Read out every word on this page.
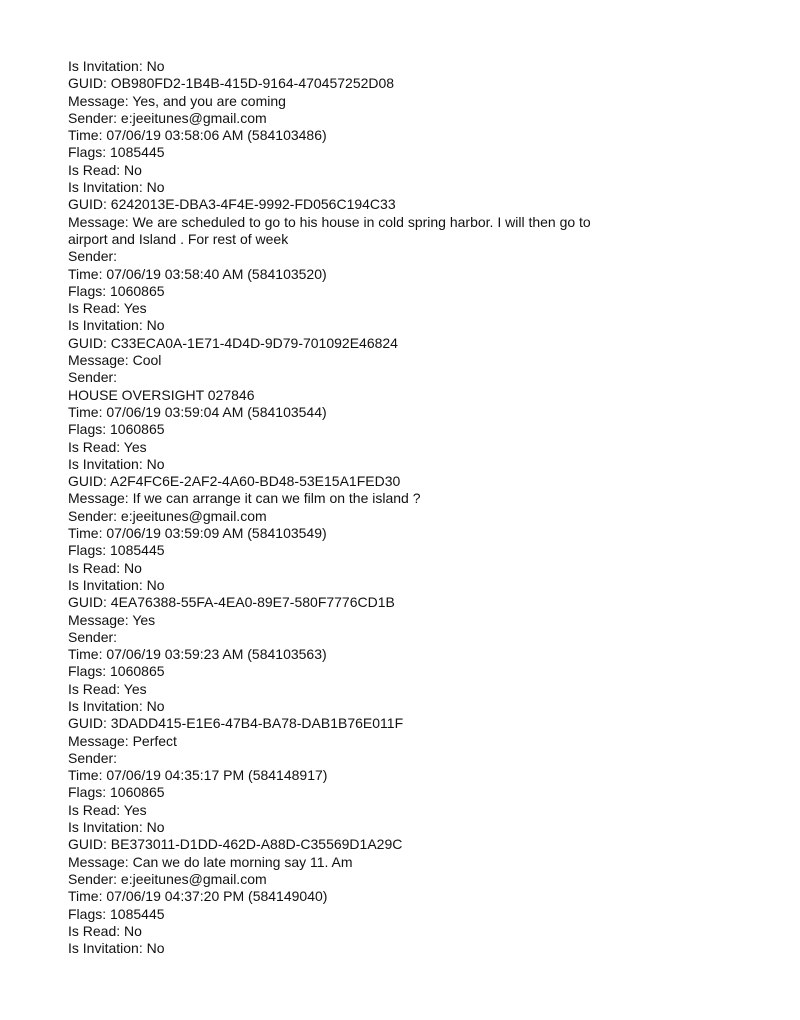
Is Invitation: No
GUID: OB980FD2-1B4B-415D-9164-470457252D08
Message: Yes, and you are coming
Sender: e:jeeitunes@gmail.com
Time: 07/06/19 03:58:06 AM (584103486)
Flags: 1085445
Is Read: No
Is Invitation: No
GUID: 6242013E-DBA3-4F4E-9992-FD056C194C33
Message: We are scheduled to go to his house in cold spring harbor. I will then go to airport and Island . For rest of week
Sender:
Time: 07/06/19 03:58:40 AM (584103520)
Flags: 1060865
Is Read: Yes
Is Invitation: No
GUID: C33ECA0A-1E71-4D4D-9D79-701092E46824
Message: Cool
Sender:
HOUSE OVERSIGHT 027846
Time: 07/06/19 03:59:04 AM (584103544)
Flags: 1060865
Is Read: Yes
Is Invitation: No
GUID: A2F4FC6E-2AF2-4A60-BD48-53E15A1FED30
Message: If we can arrange it can we film on the island ?
Sender: e:jeeitunes@gmail.com
Time: 07/06/19 03:59:09 AM (584103549)
Flags: 1085445
Is Read: No
Is Invitation: No
GUID: 4EA76388-55FA-4EA0-89E7-580F7776CD1B
Message: Yes
Sender:
Time: 07/06/19 03:59:23 AM (584103563)
Flags: 1060865
Is Read: Yes
Is Invitation: No
GUID: 3DADD415-E1E6-47B4-BA78-DAB1B76E011F
Message: Perfect
Sender:
Time: 07/06/19 04:35:17 PM (584148917)
Flags: 1060865
Is Read: Yes
Is Invitation: No
GUID: BE373011-D1DD-462D-A88D-C35569D1A29C
Message: Can we do late morning say 11. Am
Sender: e:jeeitunes@gmail.com
Time: 07/06/19 04:37:20 PM (584149040)
Flags: 1085445
Is Read: No
Is Invitation: No
